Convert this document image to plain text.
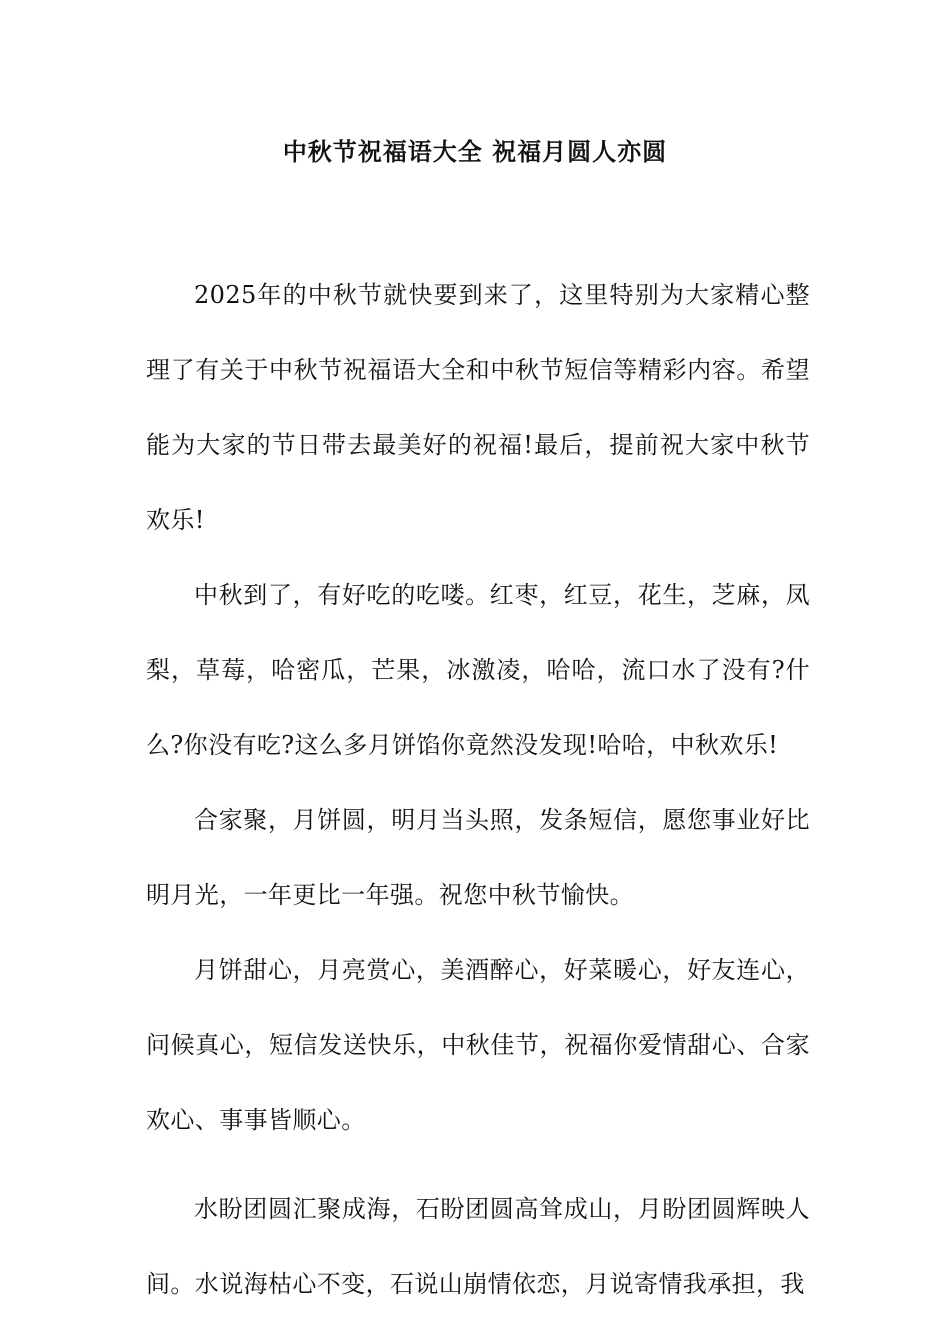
中秋节祝福语大全 祝福月圆人亦圆

2025年的中秋节就快要到来了，这里特别为大家精心整理了有关于中秋节祝福语大全和中秋节短信等精彩内容。希望能为大家的节日带去最美好的祝福!最后，提前祝大家中秋节欢乐!

中秋到了，有好吃的吃喽。红枣，红豆，花生，芝麻，凤梨，草莓，哈密瓜，芒果，冰激凌，哈哈，流口水了没有?什么?你没有吃?这么多月饼馅你竟然没发现!哈哈，中秋欢乐!

合家聚，月饼圆，明月当头照，发条短信，愿您事业好比明月光，一年更比一年强。祝您中秋节愉快。

月饼甜心，月亮赏心，美酒醉心，好菜暖心，好友连心，问候真心，短信发送快乐，中秋佳节，祝福你爱情甜心、合家欢心、事事皆顺心。

水盼团圆汇聚成海，石盼团圆高耸成山，月盼团圆辉映人间。水说海枯心不变，石说山崩情依恋，月说寄情我承担，我
